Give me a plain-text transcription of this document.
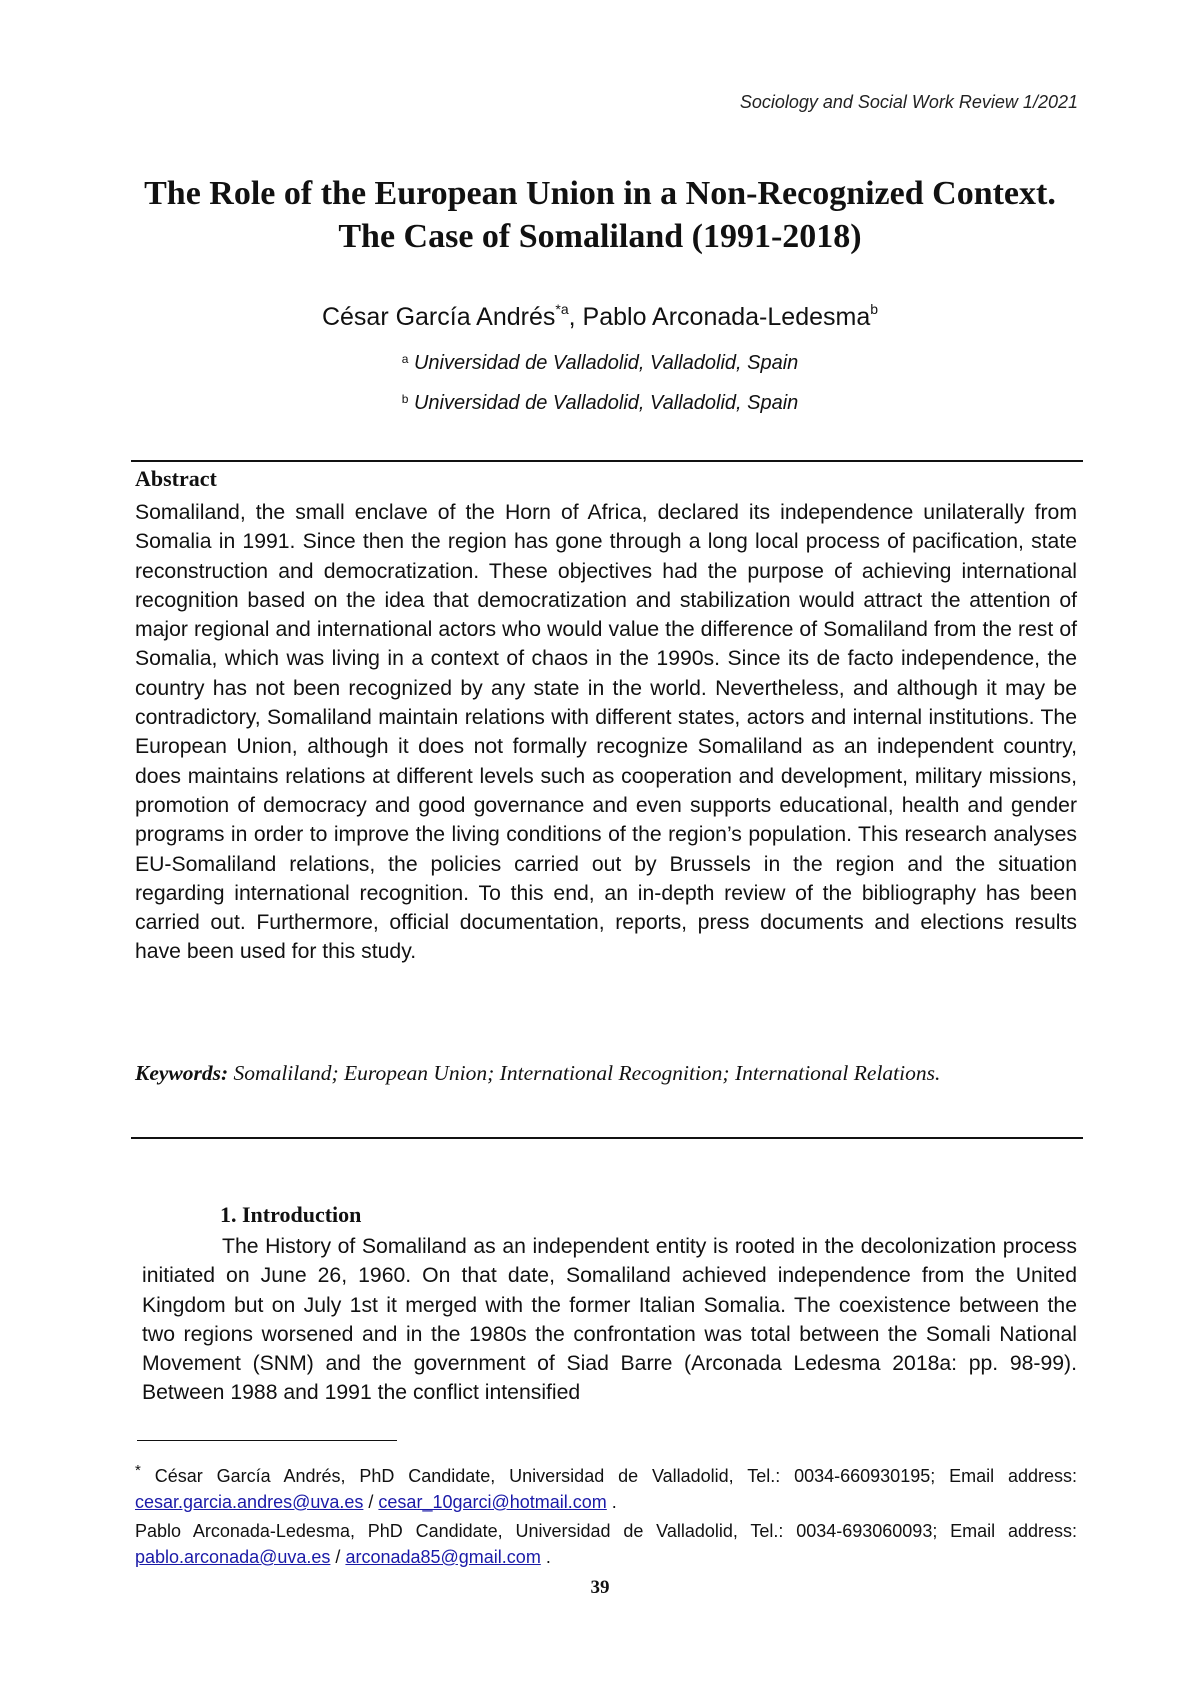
Sociology and Social Work Review 1/2021
The Role of the European Union in a Non-Recognized Context. The Case of Somaliland (1991-2018)
César García Andrés$^{*a}$, Pablo Arconada-Ledesma$^b$
$^a$ Universidad de Valladolid, Valladolid, Spain
$^b$ Universidad de Valladolid, Valladolid, Spain
Abstract
Somaliland, the small enclave of the Horn of Africa, declared its independence unilaterally from Somalia in 1991. Since then the region has gone through a long local process of pacification, state reconstruction and democratization. These objectives had the purpose of achieving international recognition based on the idea that democratization and stabilization would attract the attention of major regional and international actors who would value the difference of Somaliland from the rest of Somalia, which was living in a context of chaos in the 1990s. Since its de facto independence, the country has not been recognized by any state in the world. Nevertheless, and although it may be contradictory, Somaliland maintain relations with different states, actors and internal institutions. The European Union, although it does not formally recognize Somaliland as an independent country, does maintains relations at different levels such as cooperation and development, military missions, promotion of democracy and good governance and even supports educational, health and gender programs in order to improve the living conditions of the region’s population. This research analyses EU-Somaliland relations, the policies carried out by Brussels in the region and the situation regarding international recognition. To this end, an in-depth review of the bibliography has been carried out. Furthermore, official documentation, reports, press documents and elections results have been used for this study.
Keywords: Somaliland; European Union; International Recognition; International Relations.
1. Introduction
The History of Somaliland as an independent entity is rooted in the decolonization process initiated on June 26, 1960. On that date, Somaliland achieved independence from the United Kingdom but on July 1st it merged with the former Italian Somalia. The coexistence between the two regions worsened and in the 1980s the confrontation was total between the Somali National Movement (SNM) and the government of Siad Barre (Arconada Ledesma 2018a: pp. 98-99). Between 1988 and 1991 the conflict intensified
* César García Andrés, PhD Candidate, Universidad de Valladolid, Tel.: 0034-660930195; Email address: cesar.garcia.andres@uva.es / cesar_10garci@hotmail.com .
Pablo Arconada-Ledesma, PhD Candidate, Universidad de Valladolid, Tel.: 0034-693060093; Email address: pablo.arconada@uva.es / arconada85@gmail.com .
39
